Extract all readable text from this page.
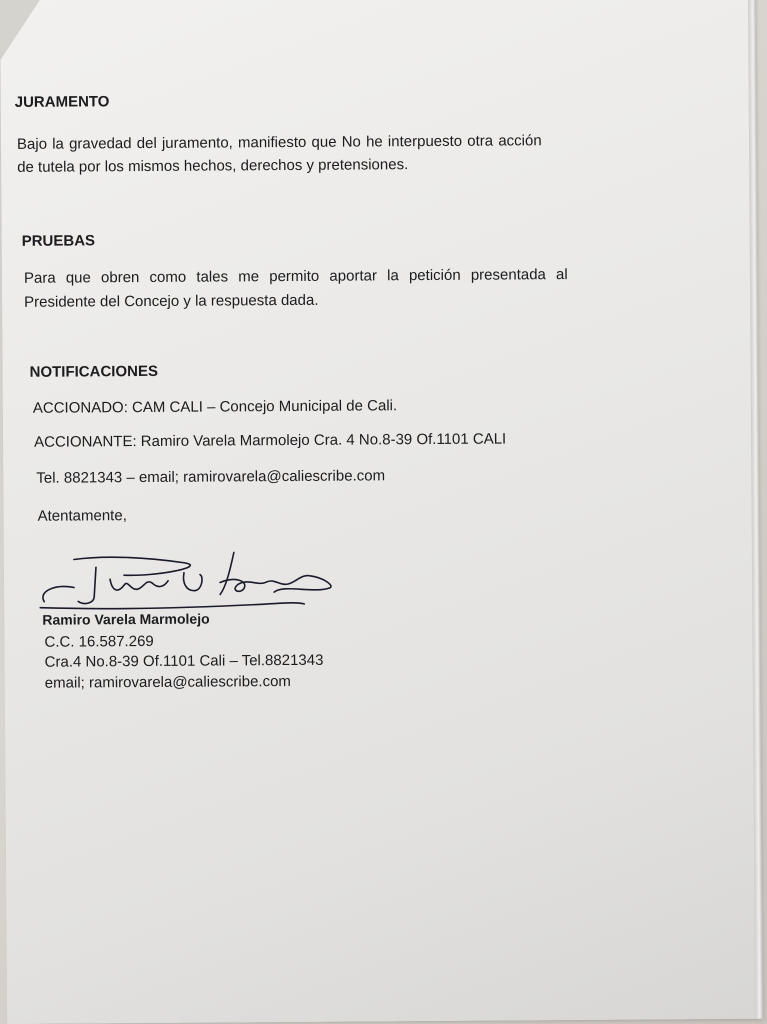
JURAMENTO
Bajo la gravedad del juramento, manifiesto que No he interpuesto otra acción
de tutela por los mismos hechos, derechos y pretensiones.
PRUEBAS
Para que obren como tales me permito aportar la petición presentada al
Presidente del Concejo y la respuesta dada.
NOTIFICACIONES
ACCIONADO: CAM CALI – Concejo Municipal de Cali.
ACCIONANTE: Ramiro Varela Marmolejo Cra. 4 No.8-39 Of.1101 CALI
Tel. 8821343 – email; ramirovarela@caliescribe.com
Atentamente,
Ramiro Varela Marmolejo
C.C. 16.587.269
Cra.4 No.8-39 Of.1101 Cali – Tel.8821343
email; ramirovarela@caliescribe.com
